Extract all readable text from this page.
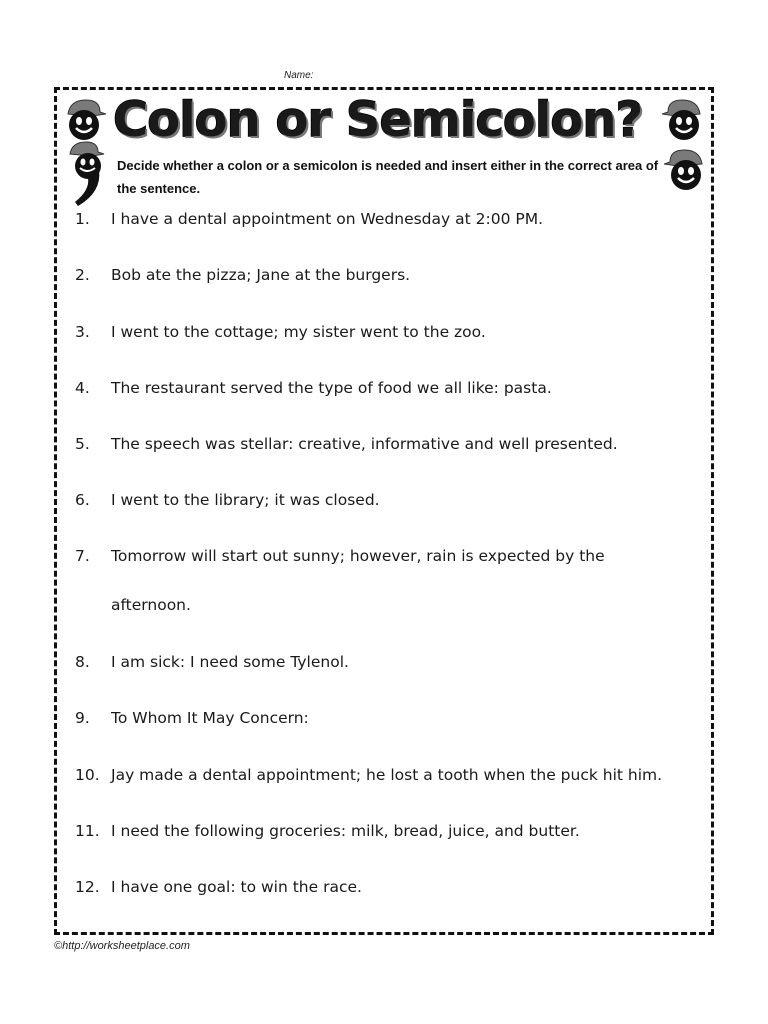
Name:
Colon or Semicolon?
Decide whether a colon or a semicolon is needed and insert either in the correct area of the sentence.
1.	I have a dental appointment on Wednesday at 2:00 PM.
2.	Bob ate the pizza; Jane at the burgers.
3.	I went to the cottage; my sister went to the zoo.
4.	The restaurant served the type of food we all like: pasta.
5.	The speech was stellar: creative, informative and well presented.
6.	I went to the library; it was closed.
7.	Tomorrow will start out sunny; however, rain is expected by the
afternoon.
8.	I am sick: I need some Tylenol.
9.	To Whom It May Concern:
10. Jay made a dental appointment; he lost a tooth when the puck hit him.
11. I need the following groceries: milk, bread, juice, and butter.
12. I have one goal: to win the race.
©http://worksheetplace.com
